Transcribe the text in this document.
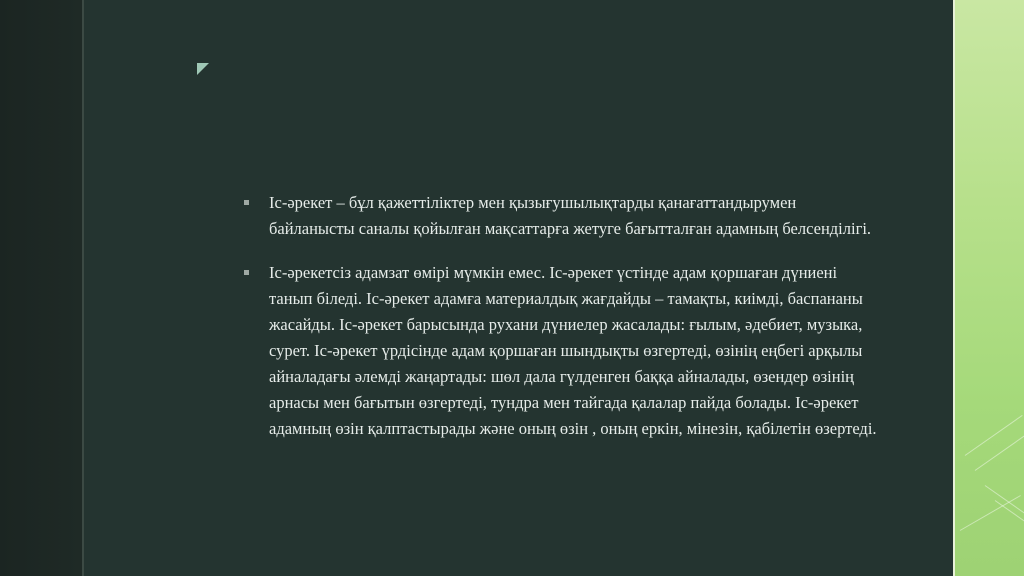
Іс-әрекет – бұл қажеттіліктер мен қызығушылықтарды қанағаттандырумен байланысты саналы қойылған мақсаттарға жетуге бағытталған адамның белсенділігі.
Іс-әрекетсіз адамзат өмірі мүмкін емес. Іс-әрекет үстінде адам қоршаған дүниені танып біледі. Іс-әрекет адамға материалдық жағдайды – тамақты, киімді, баспананы жасайды. Іс-әрекет барысында рухани дүниелер жасалады: ғылым, әдебиет, музыка, сурет. Іс-әрекет үрдісінде адам қоршаған шындықты өзгертеді, өзінің еңбегі арқылы айналадағы әлемді жаңартады: шөл дала гүлденген баққа айналады, өзендер өзінің арнасы мен бағытын өзгертеді, тундра мен тайгада қалалар пайда болады. Іс-әрекет адамның өзін қалптастырады және оның өзін , оның еркін, мінезін, қабілетін өзертеді.
